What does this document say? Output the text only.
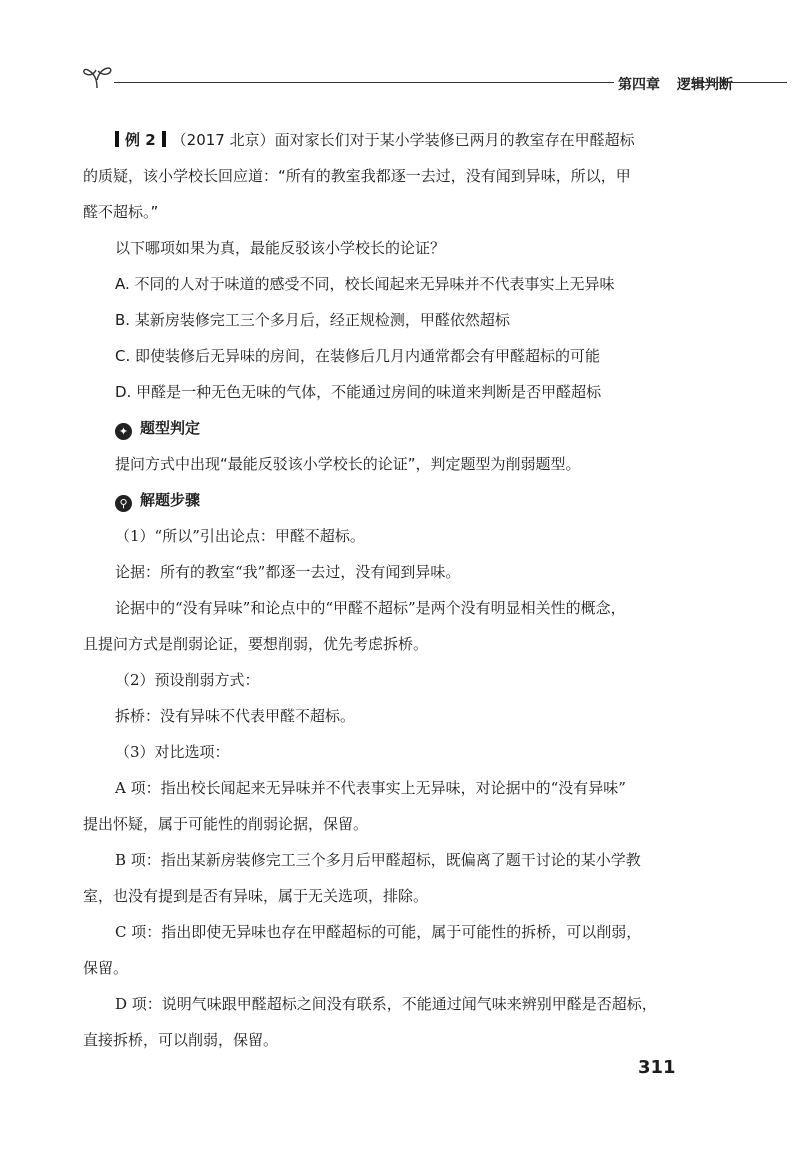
第四章 逻辑判断
例 2 （2017 北京）面对家长们对于某小学装修已两月的教室存在甲醛超标
的质疑，该小学校长回应道：“所有的教室我都逐一去过，没有闻到异味，所以，甲
醛不超标。”
以下哪项如果为真，最能反驳该小学校长的论证？
A. 不同的人对于味道的感受不同，校长闻起来无异味并不代表事实上无异味
B. 某新房装修完工三个多月后，经正规检测，甲醛依然超标
C. 即使装修后无异味的房间，在装修后几月内通常都会有甲醛超标的可能
D. 甲醛是一种无色无味的气体，不能通过房间的味道来判断是否甲醛超标
✦ 题型判定
提问方式中出现“最能反驳该小学校长的论证”，判定题型为削弱题型。
⚲ 解题步骤
（1）“所以”引出论点：甲醛不超标。
论据：所有的教室“我”都逐一去过，没有闻到异味。
论据中的“没有异味”和论点中的“甲醛不超标”是两个没有明显相关性的概念，
且提问方式是削弱论证，要想削弱，优先考虑拆桥。
（2）预设削弱方式：
拆桥：没有异味不代表甲醛不超标。
（3）对比选项：
A 项：指出校长闻起来无异味并不代表事实上无异味，对论据中的“没有异味”
提出怀疑，属于可能性的削弱论据，保留。
B 项：指出某新房装修完工三个多月后甲醛超标，既偏离了题干讨论的某小学教
室，也没有提到是否有异味，属于无关选项，排除。
C 项：指出即使无异味也存在甲醛超标的可能，属于可能性的拆桥，可以削弱，
保留。
D 项：说明气味跟甲醛超标之间没有联系，不能通过闻气味来辨别甲醛是否超标，
直接拆桥，可以削弱，保留。
311
